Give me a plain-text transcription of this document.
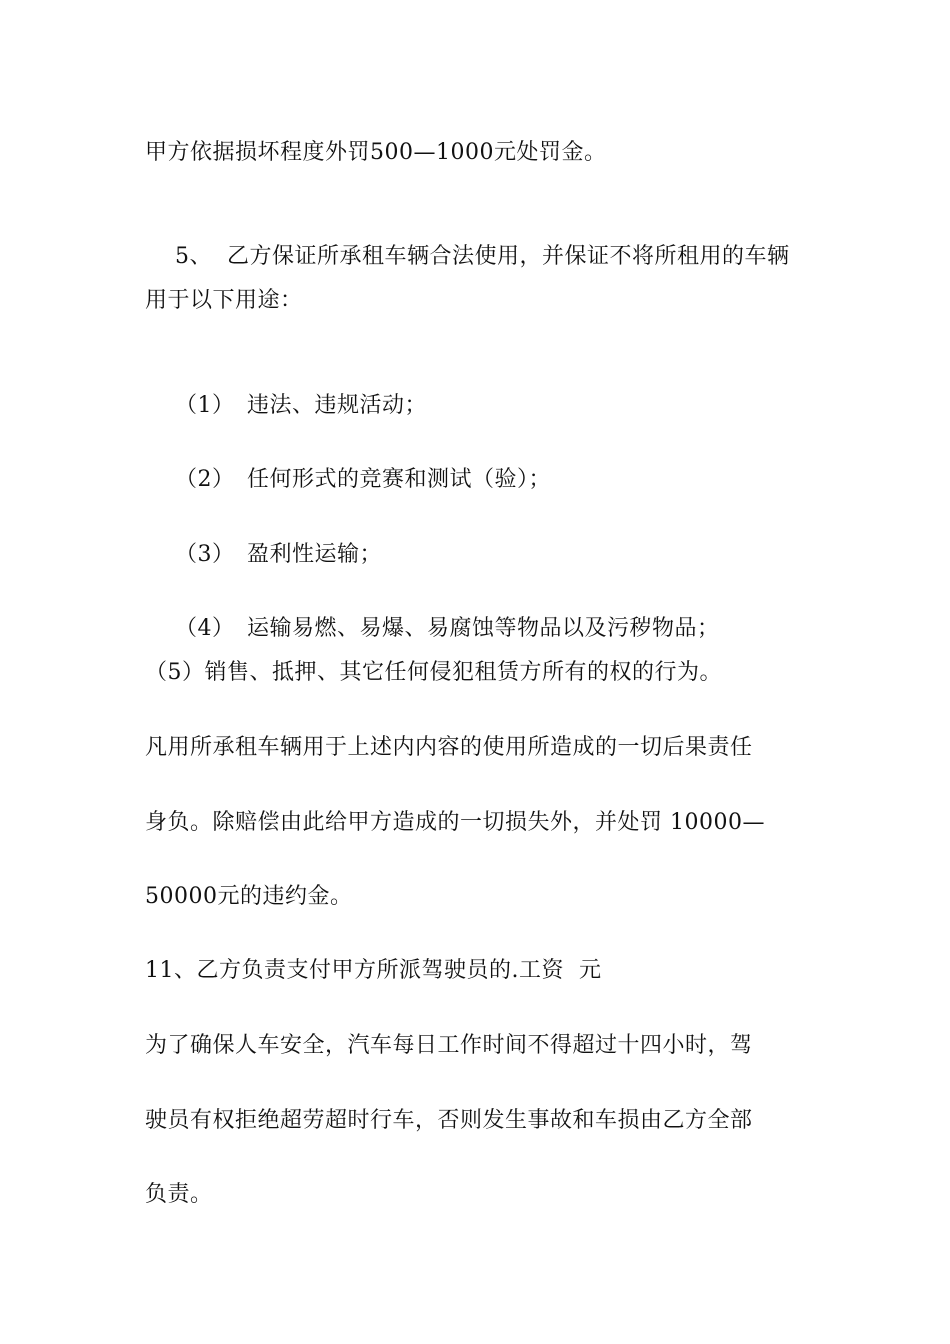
甲方依据损坏程度外罚500—1000元处罚金。

5、 乙方保证所承租车辆合法使用，并保证不将所租用的车辆

用于以下用途：

（1） 违法、违规活动；

（2） 任何形式的竞赛和测试（验）；

（3） 盈利性运输；

（4） 运输易燃、易爆、易腐蚀等物品以及污秽物品；

（5）销售、抵押、其它任何侵犯租赁方所有的权的行为。
凡用所承租车辆用于上述内内容的使用所造成的一切后果责任
身负。除赔偿由此给甲方造成的一切损失外，并处罚 10000—
50000元的违约金。
11、乙方负责支付甲方所派驾驶员的.工资  元
为了确保人车安全，汽车每日工作时间不得超过十四小时，驾
驶员有权拒绝超劳超时行车，否则发生事故和车损由乙方全部
负责。
